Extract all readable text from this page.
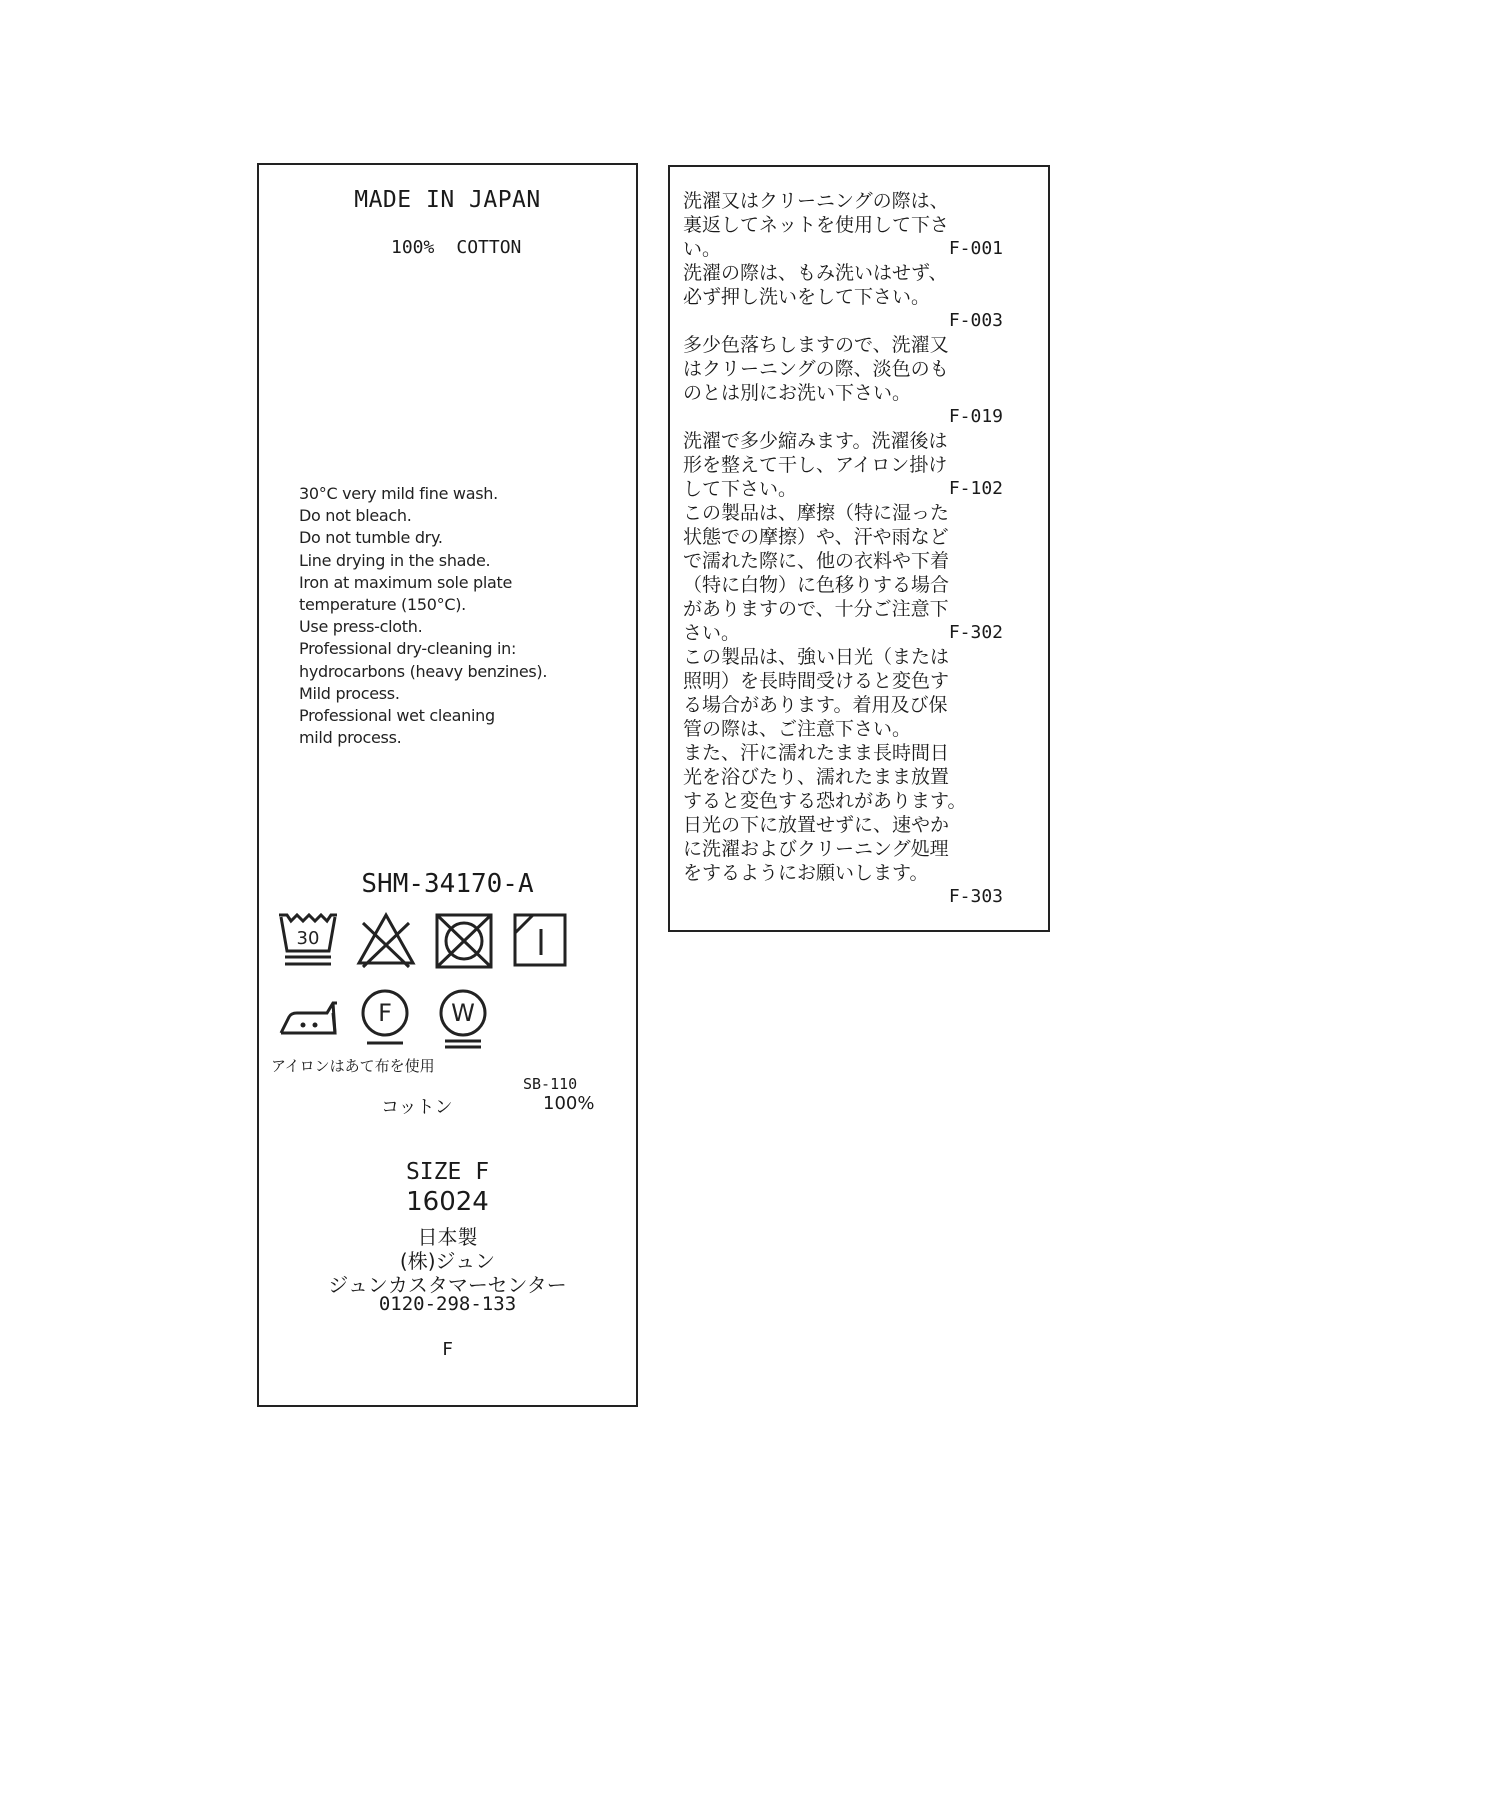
MADE IN JAPAN
100% COTTON
30°C very mild fine wash.
Do not bleach.
Do not tumble dry.
Line drying in the shade.
Iron at maximum sole plate
temperature (150°C).
Use press-cloth.
Professional dry-cleaning in:
hydrocarbons (heavy benzines).
Mild process.
Professional wet cleaning
mild process.
SHM-34170-A
30
F W
アイロンはあて布を使用
SB-110
コットン	100%
SIZE F
16024
日本製
(株)ジュン
ジュンカスタマーセンター
0120-298-133
F
洗濯又はクリーニングの際は、
裏返してネットを使用して下さ
い。	F-001
洗濯の際は、もみ洗いはせず、
必ず押し洗いをして下さい。
F-003
多少色落ちしますので、洗濯又
はクリーニングの際、淡色のも
のとは別にお洗い下さい。
F-019
洗濯で多少縮みます。洗濯後は
形を整えて干し、アイロン掛け
して下さい。	F-102
この製品は、摩擦（特に湿った
状態での摩擦）や、汗や雨など
で濡れた際に、他の衣料や下着
（特に白物）に色移りする場合
がありますので、十分ご注意下
さい。	F-302
この製品は、強い日光（または
照明）を長時間受けると変色す
る場合があります。着用及び保
管の際は、ご注意下さい。
また、汗に濡れたまま長時間日
光を浴びたり、濡れたまま放置
すると変色する恐れがあります。
日光の下に放置せずに、速やか
に洗濯およびクリーニング処理
をするようにお願いします。
F-303
